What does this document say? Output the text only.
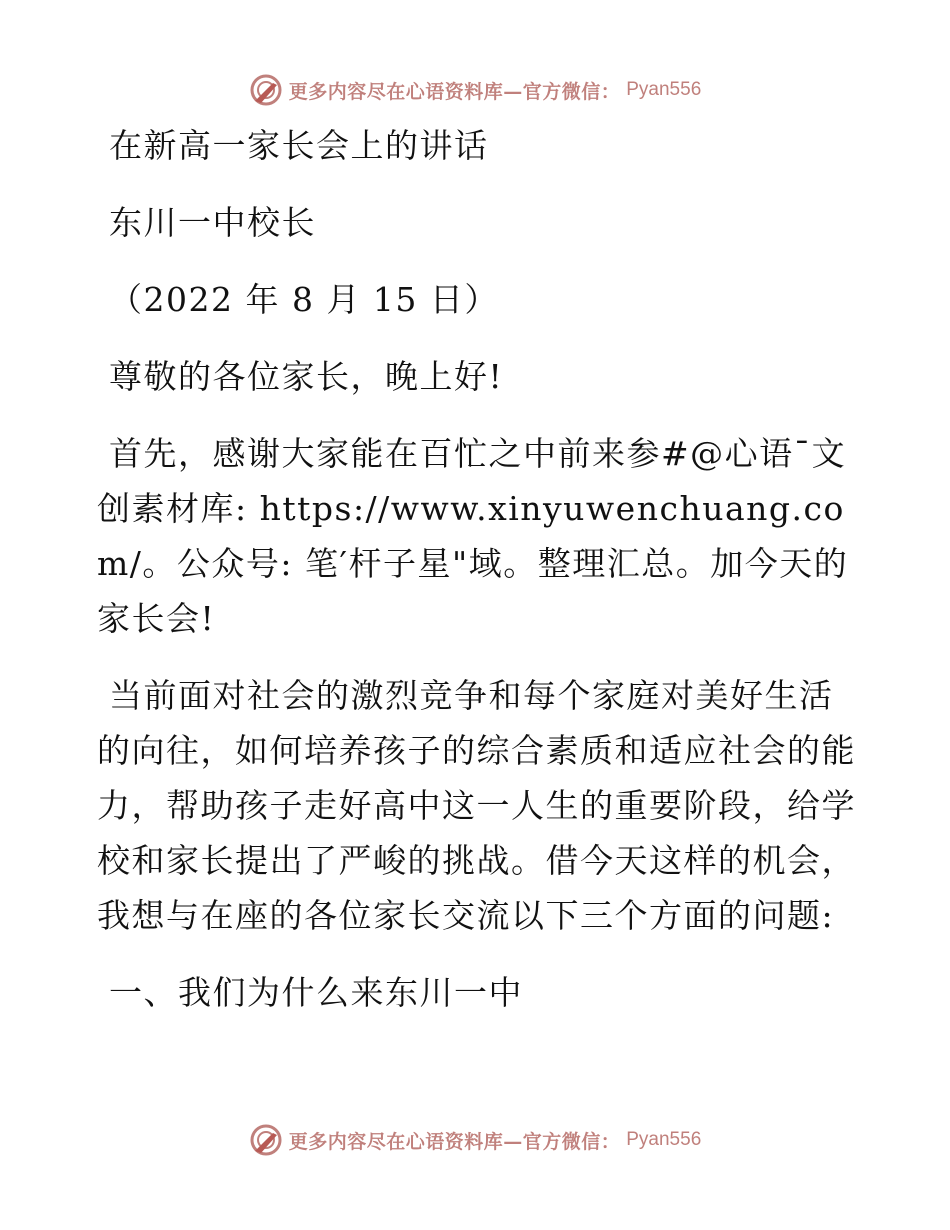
更多内容尽在心语资料库—官方微信： Pyan556

在新高一家长会上的讲话

东川一中校长

（2022 年 8 月 15 日）

尊敬的各位家长，晚上好!

首先，感谢大家能在百忙之中前来参#@心语¯文创素材库: https://www.xinyuwenchuang.com/。公众号: 笔′杆子星"域。整理汇总。加今天的家长会!

当前面对社会的激烈竞争和每个家庭对美好生活的向往，如何培养孩子的综合素质和适应社会的能力，帮助孩子走好高中这一人生的重要阶段，给学校和家长提出了严峻的挑战。借今天这样的机会，我想与在座的各位家长交流以下三个方面的问题:

一、我们为什么来东川一中

更多内容尽在心语资料库—官方微信： Pyan556
